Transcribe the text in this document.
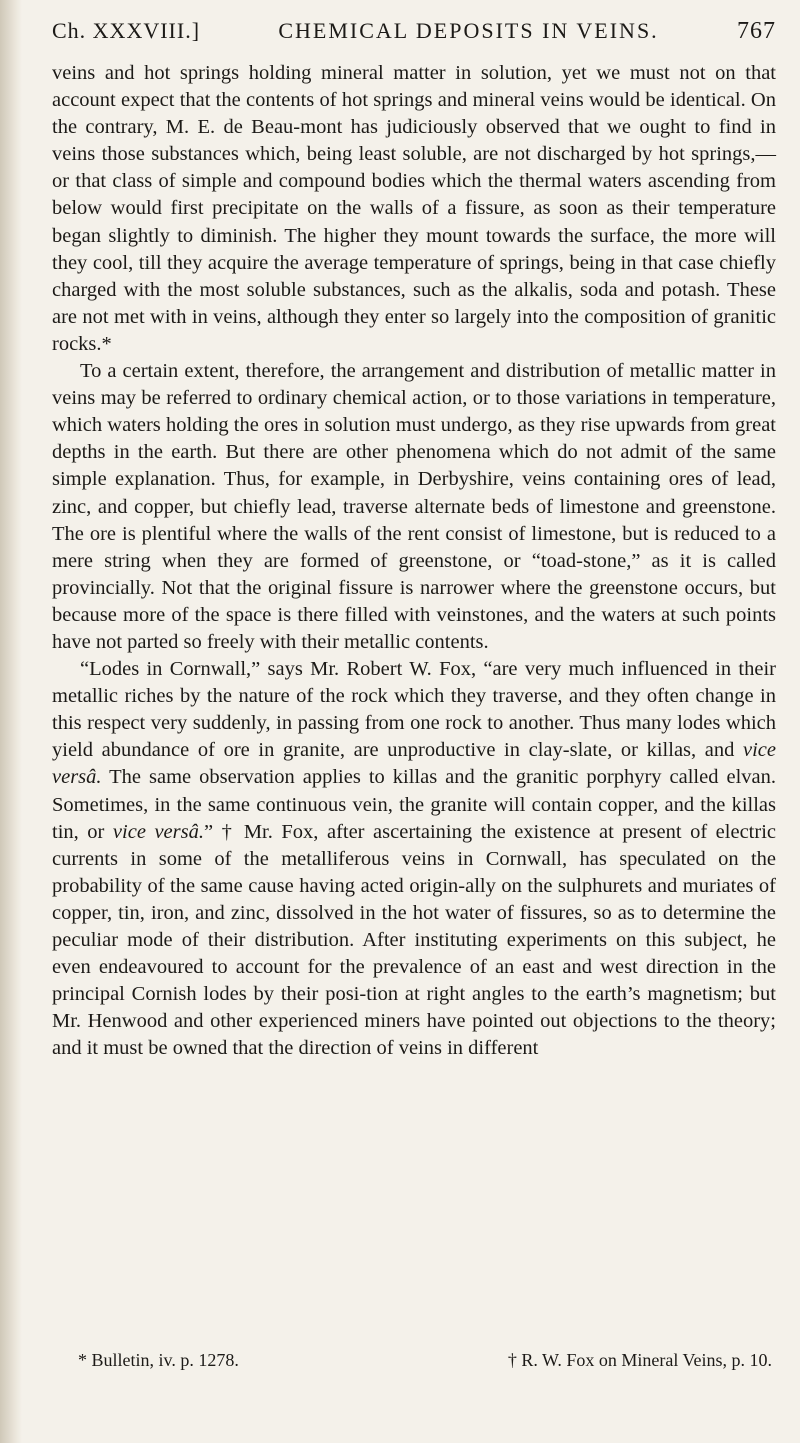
Ch. XXXVIII.]	CHEMICAL DEPOSITS IN VEINS.	767

veins and hot springs holding mineral matter in solution, yet we must not on that account expect that the contents of hot springs and mineral veins would be identical. On the contrary, M. E. de Beau-mont has judiciously observed that we ought to find in veins those substances which, being least soluble, are not discharged by hot springs,—or that class of simple and compound bodies which the thermal waters ascending from below would first precipitate on the walls of a fissure, as soon as their temperature began slightly to diminish. The higher they mount towards the surface, the more will they cool, till they acquire the average temperature of springs, being in that case chiefly charged with the most soluble substances, such as the alkalis, soda and potash. These are not met with in veins, although they enter so largely into the composition of granitic rocks.*

To a certain extent, therefore, the arrangement and distribution of metallic matter in veins may be referred to ordinary chemical action, or to those variations in temperature, which waters holding the ores in solution must undergo, as they rise upwards from great depths in the earth. But there are other phenomena which do not admit of the same simple explanation. Thus, for example, in Derbyshire, veins containing ores of lead, zinc, and copper, but chiefly lead, traverse alternate beds of limestone and greenstone. The ore is plentiful where the walls of the rent consist of limestone, but is reduced to a mere string when they are formed of greenstone, or “toad-stone,” as it is called provincially. Not that the original fissure is narrower where the greenstone occurs, but because more of the space is there filled with veinstones, and the waters at such points have not parted so freely with their metallic contents.

“Lodes in Cornwall,” says Mr. Robert W. Fox, “are very much influenced in their metallic riches by the nature of the rock which they traverse, and they often change in this respect very suddenly, in passing from one rock to another. Thus many lodes which yield abundance of ore in granite, are unproductive in clay-slate, or killas, and vice versâ. The same observation applies to killas and the granitic porphyry called elvan. Sometimes, in the same continuous vein, the granite will contain copper, and the killas tin, or vice versâ.” † Mr. Fox, after ascertaining the existence at present of electric currents in some of the metalliferous veins in Cornwall, has speculated on the probability of the same cause having acted origin-ally on the sulphurets and muriates of copper, tin, iron, and zinc, dissolved in the hot water of fissures, so as to determine the peculiar mode of their distribution. After instituting experiments on this subject, he even endeavoured to account for the prevalence of an east and west direction in the principal Cornish lodes by their posi-tion at right angles to the earth’s magnetism; but Mr. Henwood and other experienced miners have pointed out objections to the theory; and it must be owned that the direction of veins in different

* Bulletin, iv. p. 1278.	† R. W. Fox on Mineral Veins, p. 10.
